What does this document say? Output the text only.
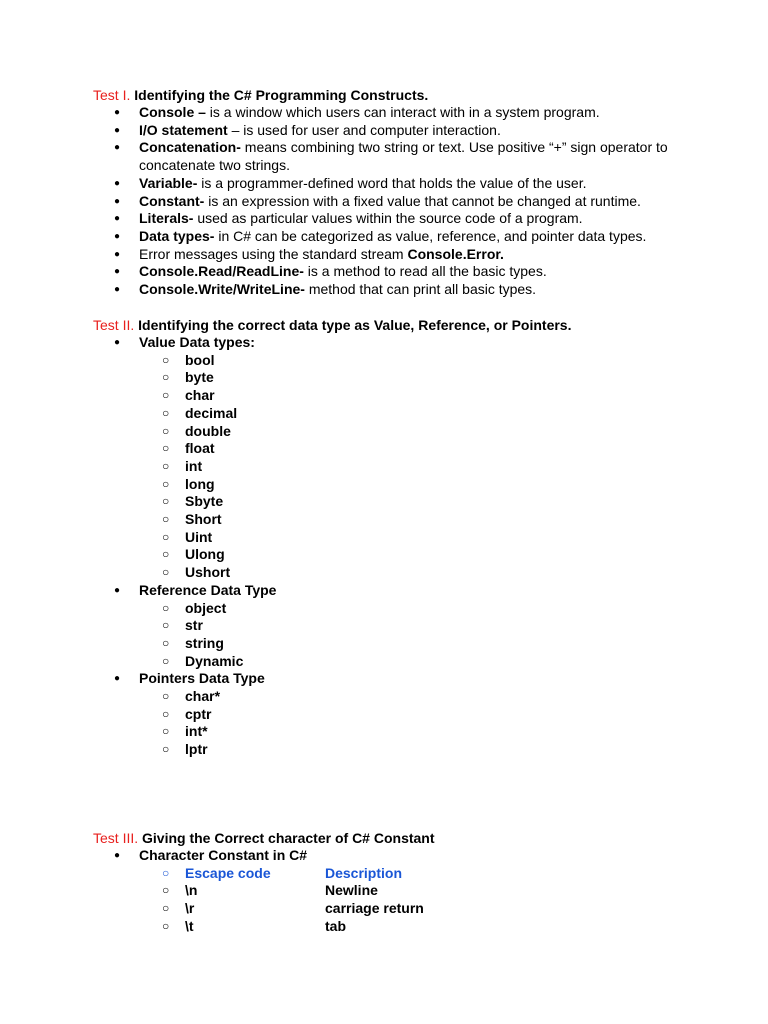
Test I. Identifying the C# Programming Constructs.
● Console – is a window which users can interact with in a system program.
● I/O statement – is used for user and computer interaction.
● Concatenation- means combining two string or text. Use positive “+” sign operator to concatenate two strings.
● Variable- is a programmer-defined word that holds the value of the user.
● Constant- is an expression with a fixed value that cannot be changed at runtime.
● Literals- used as particular values within the source code of a program.
● Data types- in C# can be categorized as value, reference, and pointer data types.
● Error messages using the standard stream Console.Error.
● Console.Read/ReadLine- is a method to read all the basic types.
● Console.Write/WriteLine- method that can print all basic types.
Test II. Identifying the correct data type as Value, Reference, or Pointers.
● Value Data types:
○ bool
○ byte
○ char
○ decimal
○ double
○ float
○ int
○ long
○ Sbyte
○ Short
○ Uint
○ Ulong
○ Ushort
● Reference Data Type
○ object
○ str
○ string
○ Dynamic
● Pointers Data Type
○ char*
○ cptr
○ int*
○ lptr
Test III. Giving the Correct character of C# Constant
● Character Constant in C#
○ Escape code	Description
○ \n	Newline
○ \r	carriage return
○ \t	tab
